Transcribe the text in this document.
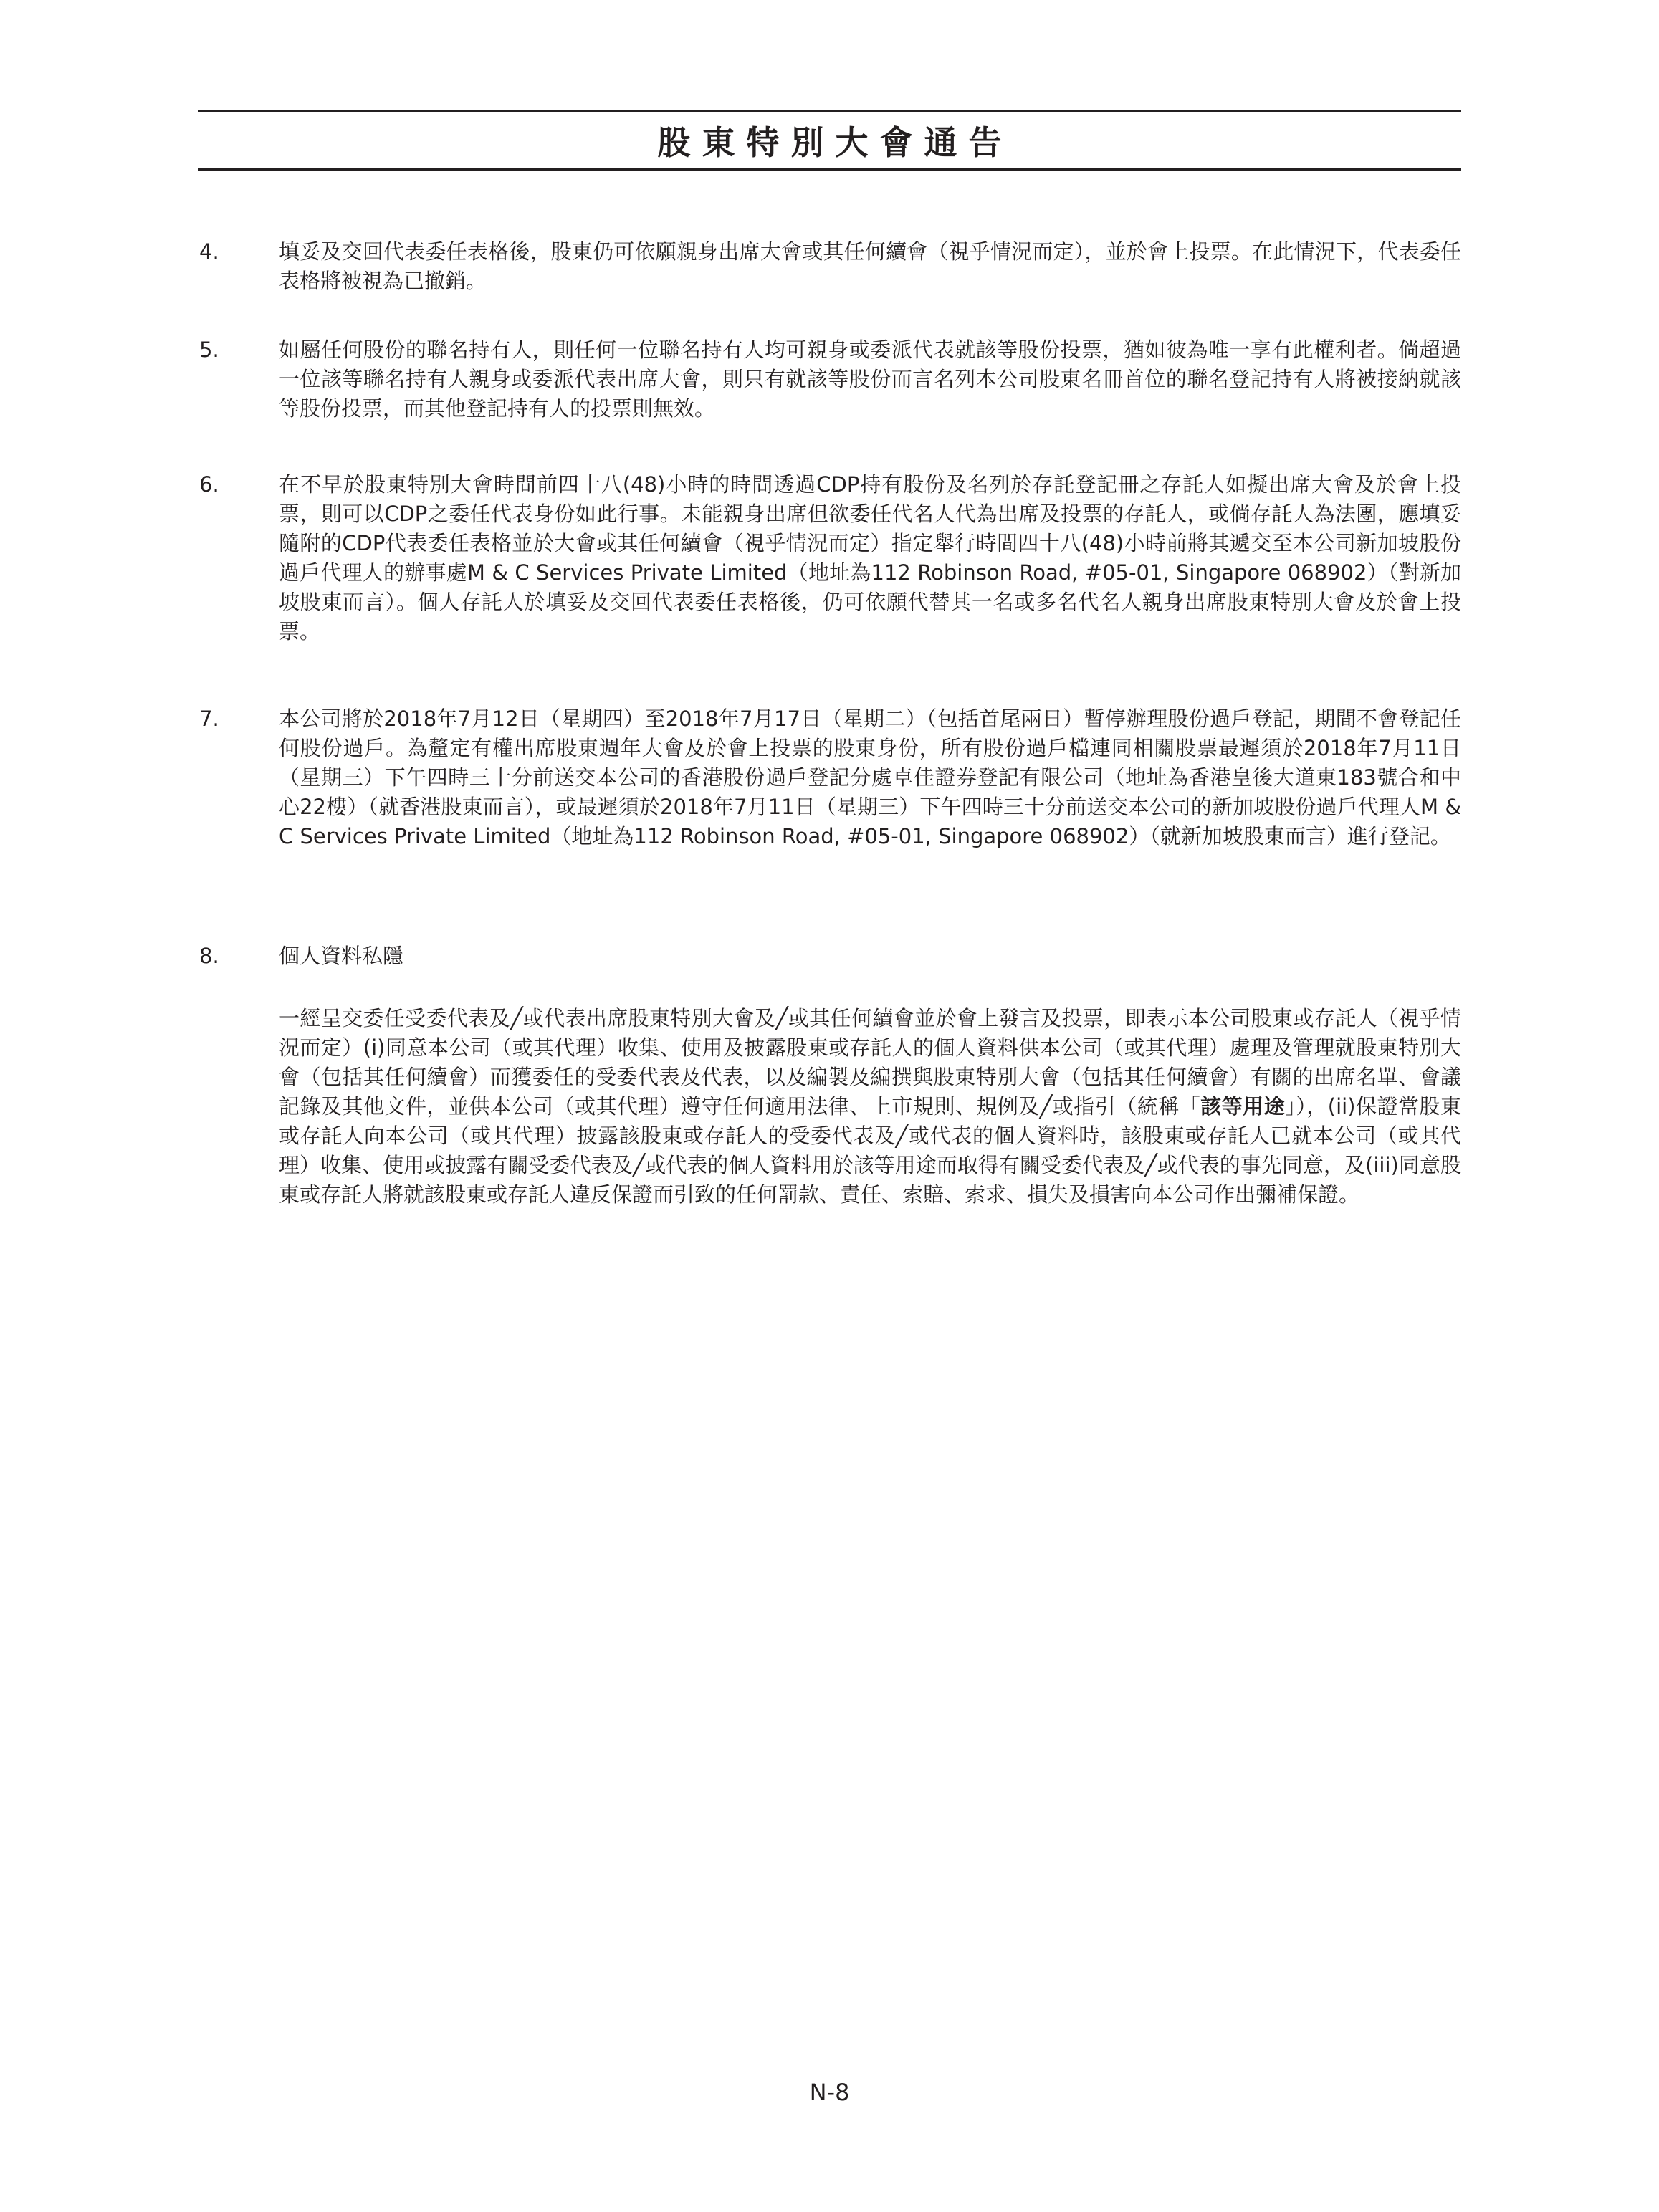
股東特別大會通告
4.	填妥及交回代表委任表格後，股東仍可依願親身出席大會或其任何續會（視乎情況而定），並於會上投票。在此情況下，代表委任表格將被視為已撤銷。
5.	如屬任何股份的聯名持有人，則任何一位聯名持有人均可親身或委派代表就該等股份投票，猶如彼為唯一享有此權利者。倘超過一位該等聯名持有人親身或委派代表出席大會，則只有就該等股份而言名列本公司股東名冊首位的聯名登記持有人將被接納就該等股份投票，而其他登記持有人的投票則無效。
6.	在不早於股東特別大會時間前四十八(48)小時的時間透過CDP持有股份及名列於存託登記冊之存託人如擬出席大會及於會上投票，則可以CDP之委任代表身份如此行事。未能親身出席但欲委任代名人代為出席及投票的存託人，或倘存託人為法團，應填妥隨附的CDP代表委任表格並於大會或其任何續會（視乎情況而定）指定舉行時間四十八(48)小時前將其遞交至本公司新加坡股份過戶代理人的辦事處M & C Services Private Limited（地址為112 Robinson Road, #05-01, Singapore 068902）（對新加坡股東而言）。個人存託人於填妥及交回代表委任表格後，仍可依願代替其一名或多名代名人親身出席股東特別大會及於會上投票。
7.	本公司將於2018年7月12日（星期四）至2018年7月17日（星期二）（包括首尾兩日）暫停辦理股份過戶登記，期間不會登記任何股份過戶。為釐定有權出席股東週年大會及於會上投票的股東身份，所有股份過戶檔連同相關股票最遲須於2018年7月11日（星期三）下午四時三十分前送交本公司的香港股份過戶登記分處卓佳證券登記有限公司（地址為香港皇後大道東183號合和中心22樓）（就香港股東而言），或最遲須於2018年7月11日（星期三）下午四時三十分前送交本公司的新加坡股份過戶代理人M & C Services Private Limited（地址為112 Robinson Road, #05-01, Singapore 068902）（就新加坡股東而言）進行登記。
8.	個人資料私隱
一經呈交委任受委代表及╱或代表出席股東特別大會及╱或其任何續會並於會上發言及投票，即表示本公司股東或存託人（視乎情況而定）(i)同意本公司（或其代理）收集、使用及披露股東或存託人的個人資料供本公司（或其代理）處理及管理就股東特別大會（包括其任何續會）而獲委任的受委代表及代表，以及編製及編撰與股東特別大會（包括其任何續會）有關的出席名單、會議記錄及其他文件，並供本公司（或其代理）遵守任何適用法律、上市規則、規例及╱或指引（統稱「該等用途」），(ii)保證當股東或存託人向本公司（或其代理）披露該股東或存託人的受委代表及╱或代表的個人資料時，該股東或存託人已就本公司（或其代理）收集、使用或披露有關受委代表及╱或代表的個人資料用於該等用途而取得有關受委代表及╱或代表的事先同意，及(iii)同意股東或存託人將就該股東或存託人違反保證而引致的任何罰款、責任、索賠、索求、損失及損害向本公司作出彌補保證。
N-8
